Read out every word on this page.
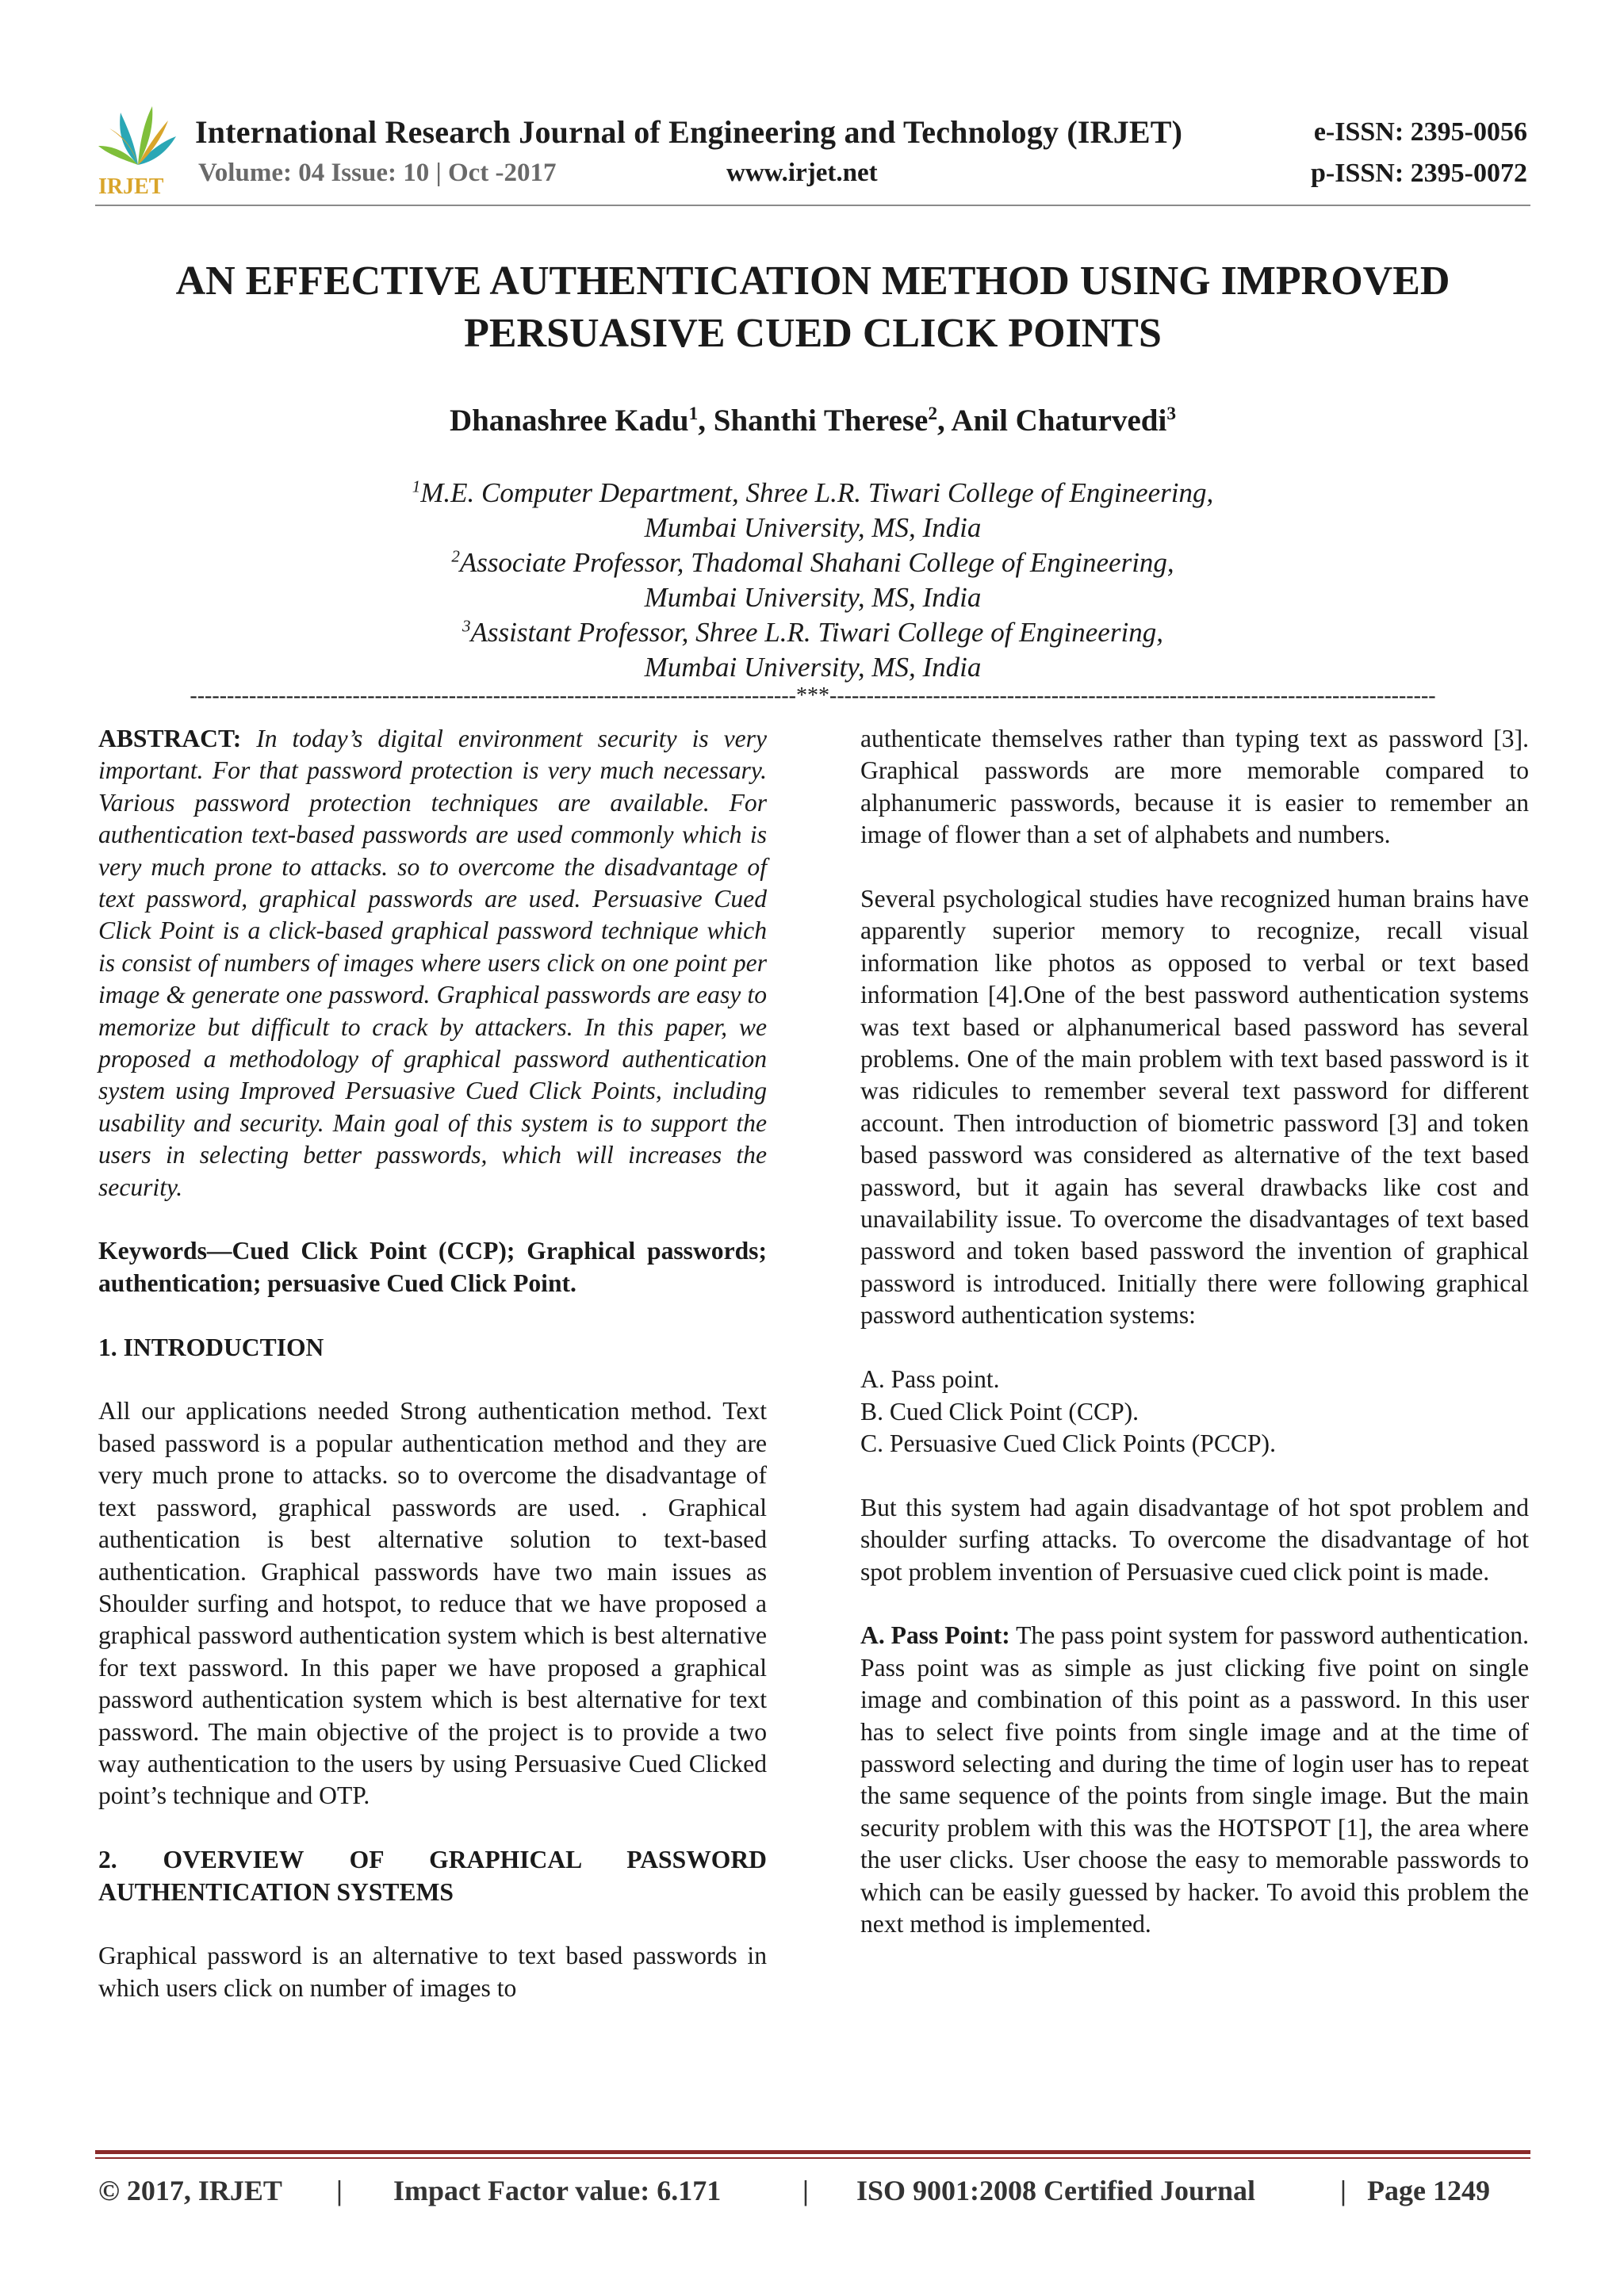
IRJET
International Research Journal of Engineering and Technology (IRJET)	e-ISSN: 2395-0056
Volume: 04 Issue: 10 | Oct -2017	www.irjet.net	p-ISSN: 2395-0072
AN EFFECTIVE AUTHENTICATION METHOD USING IMPROVED
PERSUASIVE CUED CLICK POINTS
Dhanashree Kadu$^1$, Shanthi Therese$^2$, Anil Chaturvedi$^3$
$^1$M.E. Computer Department, Shree L.R. Tiwari College of Engineering,
Mumbai University, MS, India
$^2$Associate Professor, Thadomal Shahani College of Engineering,
Mumbai University, MS, India
$^3$Assistant Professor, Shree L.R. Tiwari College of Engineering,
Mumbai University, MS, India
----------------------------------------------------------------------------------***----------------------------------------------------------------------------------

ABSTRACT: In today’s digital environment security is very important. For that password protection is very much necessary. Various password protection techniques are available. For authentication text-based passwords are used commonly which is very much prone to attacks. so to overcome the disadvantage of text password, graphical passwords are used. Persuasive Cued Click Point is a click-based graphical password technique which is consist of numbers of images where users click on one point per image & generate one password. Graphical passwords are easy to memorize but difficult to crack by attackers. In this paper, we proposed a methodology of graphical password authentication system using Improved Persuasive Cued Click Points, including usability and security. Main goal of this system is to support the users in selecting better passwords, which will increases the security.

Keywords—Cued Click Point (CCP); Graphical passwords; authentication; persuasive Cued Click Point.

1. INTRODUCTION

All our applications needed Strong authentication method. Text based password is a popular authentication method and they are very much prone to attacks. so to overcome the disadvantage of text password, graphical passwords are used. . Graphical authentication is best alternative solution to text-based authentication. Graphical passwords have two main issues as Shoulder surfing and hotspot, to reduce that we have proposed a graphical password authentication system which is best alternative for text password. In this paper we have proposed a graphical password authentication system which is best alternative for text password. The main objective of the project is to provide a two way authentication to the users by using Persuasive Cued Clicked point’s technique and OTP.

2. OVERVIEW OF GRAPHICAL PASSWORD

AUTHENTICATION SYSTEMS

Graphical password is an alternative to text based passwords in which users click on number of images to

authenticate themselves rather than typing text as password [3]. Graphical passwords are more memorable compared to alphanumeric passwords, because it is easier to remember an image of flower than a set of alphabets and numbers.

Several psychological studies have recognized human brains have apparently superior memory to recognize, recall visual information like photos as opposed to verbal or text based information [4].One of the best password authentication systems was text based or alphanumerical based password has several problems. One of the main problem with text based password is it was ridicules to remember several text password for different account. Then introduction of biometric password [3] and token based password was considered as alternative of the text based password, but it again has several drawbacks like cost and unavailability issue. To overcome the disadvantages of text based password and token based password the invention of graphical password is introduced. Initially there were following graphical password authentication systems:

A. Pass point.

B. Cued Click Point (CCP).

C. Persuasive Cued Click Points (PCCP).

But this system had again disadvantage of hot spot problem and shoulder surfing attacks. To overcome the disadvantage of hot spot problem invention of Persuasive cued click point is made.

A. Pass Point: The pass point system for password authentication. Pass point was as simple as just clicking five point on single image and combination of this point as a password. In this user has to select five points from single image and at the time of password selecting and during the time of login user has to repeat the same sequence of the points from single image. But the main security problem with this was the HOTSPOT [1], the area where the user clicks. User choose the easy to memorable passwords to which can be easily guessed by hacker. To avoid this problem the next method is implemented.

© 2017, IRJET | Impact Factor value: 6.171	| ISO 9001:2008 Certified Journal	| Page 1249
